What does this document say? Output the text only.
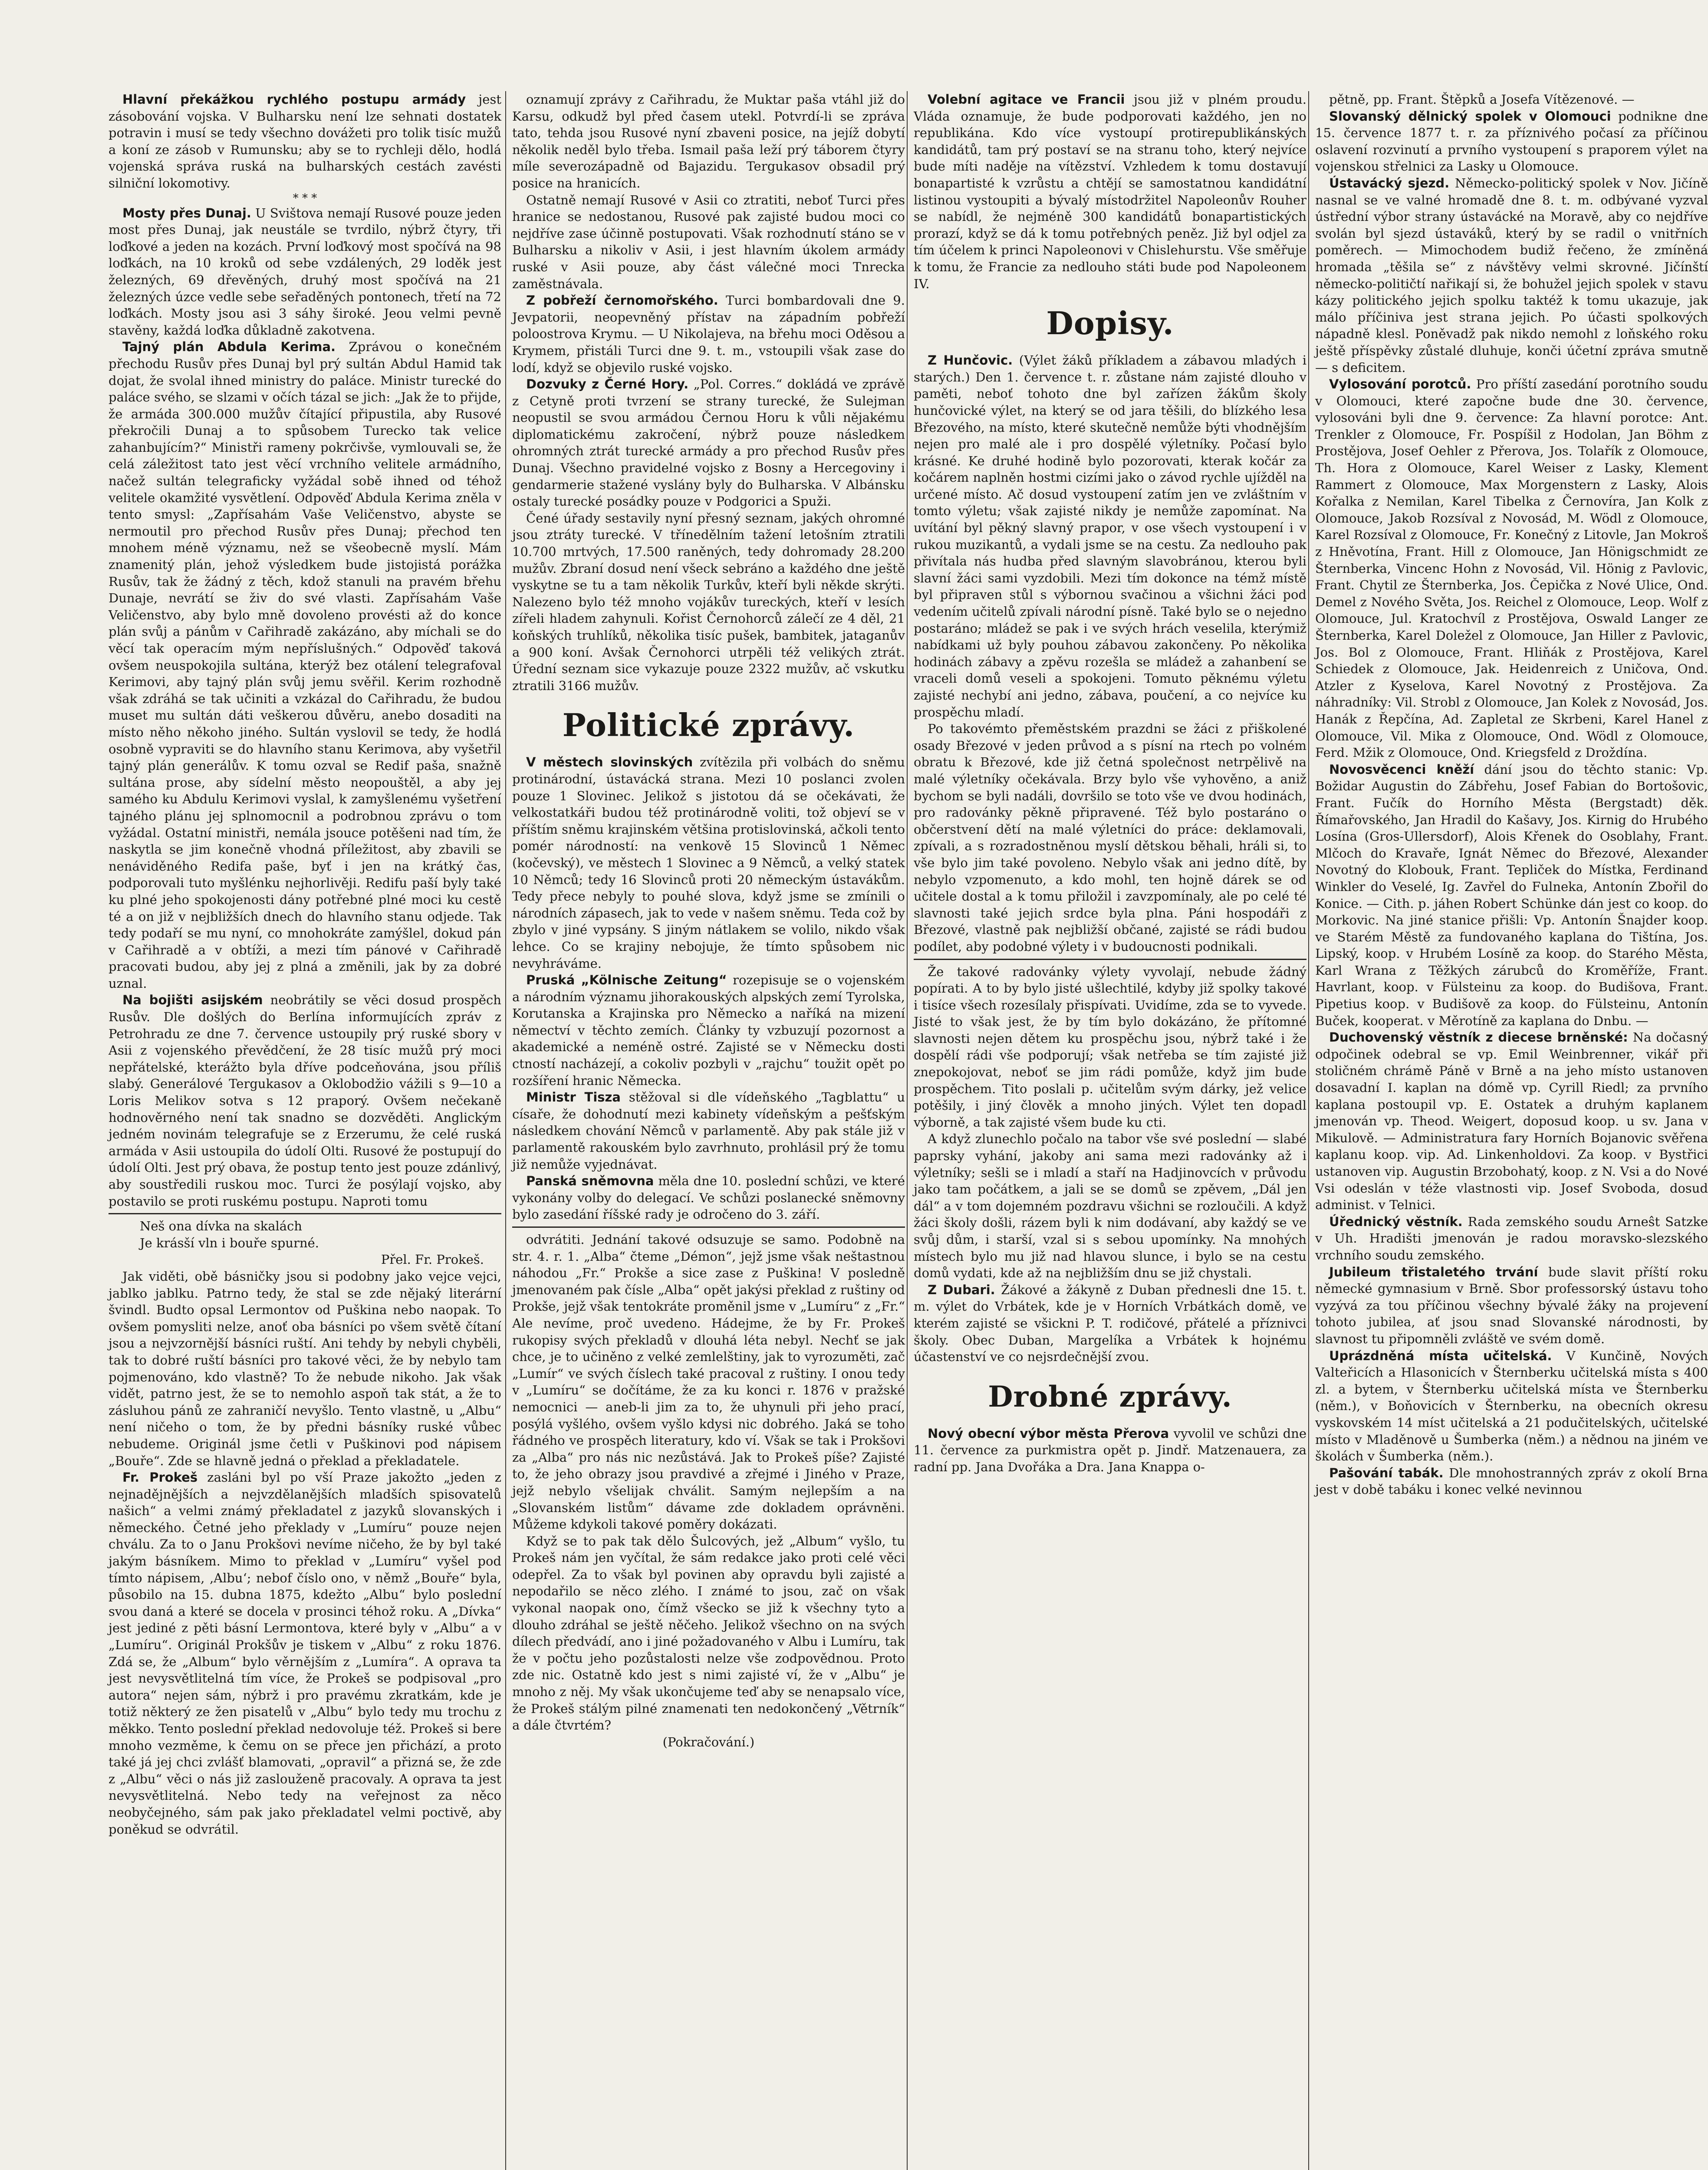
Hlavní překážkou rychlého postupu armády jest zásobování vojska. V Bulharsku není lze sehnati dostatek potravin i musí se tedy všechno dovážeti pro tolik tisíc mužů a koní ze zásob v Rumunsku; aby se to rychleji dělo, hodlá vojenská správa ruská na bulharských cestách zavésti silniční lokomotivy.

* * *

Mosty přes Dunaj. U Svištova nemají Rusové pouze jeden most přes Dunaj, jak neustále se tvrdilo, nýbrž čtyry, tři loďkové a jeden na kozách. První loďkový most spočívá na 98 loďkách, na 10 kroků od sebe vzdálených, 29 loděk jest železných, 69 dřevěných, druhý most spočívá na 21 železných úzce vedle sebe seřaděných pontonech, třetí na 72 loďkách. Mosty jsou asi 3 sáhy široké. Jeou velmi pevně stavěny, každá loďka důkladně zakotvena.

Tajný plán Abdula Kerima. Zprávou o konečném přechodu Rusův přes Dunaj byl prý sultán Abdul Hamid tak dojat, že svolal ihned ministry do paláce. Ministr turecké do paláce svého, se slzami v očích tázal se jich: „Jak že to přijde, že armáda 300.000 mužův čítající připustila, aby Rusové překročili Dunaj a to spůsobem Turecko tak velice zahanbujícím?“ Ministři rameny pokrčivše, vymlouvali se, že celá záležitost tato jest věcí vrchního velitele armádního, načež sultán telegraficky vyžádal sobě ihned od téhož velitele okamžité vysvětlení. Odpověď Abdula Kerima zněla v tento smysl: „Zapřísahám Vaše Veličenstvo, abyste se nermoutil pro přechod Rusův přes Dunaj; přechod ten mnohem méně významu, než se všeobecně myslí. Mám znamenitý plán, jehož výsledkem bude jistojistá porážka Rusův, tak že žádný z těch, kdož stanuli na pravém břehu Dunaje, nevrátí se živ do své vlasti. Zapřísahám Vaše Veličenstvo, aby bylo mně dovoleno provésti až do konce plán svůj a pánům v Cařihradě zakázáno, aby míchali se do věcí tak operacím mým nepříslušných.“ Odpověď taková ovšem neuspokojila sultána, kterýž bez otálení telegrafoval Kerimovi, aby tajný plán svůj jemu svěřil. Kerim rozhodně však zdráhá se tak učiniti a vzkázal do Cařihradu, že budou muset mu sultán dáti veškerou důvěru, anebo dosaditi na místo něho někoho jiného. Sultán vyslovil se tedy, že hodlá osobně vypraviti se do hlavního stanu Kerimova, aby vyšetřil tajný plán generálův. K tomu ozval se Redif paša, snažně sultána prose, aby sídelní město neopouštěl, a aby jej samého ku Abdulu Kerimovi vyslal, k zamyšlenému vyšetření tajného plánu jej splnomocnil a podrobnou zprávu o tom vyžádal. Ostatní ministři, nemála jsouce potěšeni nad tím, že naskytla se jim konečně vhodná příležitost, aby zbavili se nenáviděného Redifa paše, byť i jen na krátký čas, podporovali tuto myšlénku nejhorlivěji. Redifu paší byly také ku plné jeho spokojenosti dány potřebné plné moci ku cestě té a on již v nejbližších dnech do hlavního stanu odjede. Tak tedy podaří se mu nyní, co mnohokráte zamýšlel, dokud pán v Cařihradě a v obtíži, a mezi tím pánové v Cařihradě pracovati budou, aby jej z plná a změnili, jak by za dobré uznal.

Na bojišti asijském neobrátily se věci dosud prospěch Rusův. Dle došlých do Berlína informujících zpráv z Petrohradu ze dne 7. července ustoupily prý ruské sbory v Asii z vojenského převědčení, že 28 tisíc mužů prý moci nepřátelské, kterážto byla dříve podceňována, jsou příliš slabý. Generálové Tergukasov a Oklobodžio vážili s 9—10 a Loris Melikov sotva s 12 praporý. Ovšem nečekaně hodnověrného není tak snadno se dozvěděti. Anglickým jedném novinám telegrafuje se z Erzerumu, že celé ruská armáda v Asii ustoupila do údolí Olti. Rusové že postupují do údolí Olti. Jest prý obava, že postup tento jest pouze zdánlivý, aby soustředili ruskou moc. Turci že posýlají vojsko, aby postavilo se proti ruskému postupu. Naproti tomu

Neš ona dívka na skalách

Je krásší vln i bouře spurné.

Přel. Fr. Prokeš.

Jak viděti, obě básničky jsou si podobny jako vejce vejci, jablko jablku. Patrno tedy, že stal se zde nějaký literární švindl. Budto opsal Lermontov od Puškina nebo naopak. To ovšem pomysliti nelze, anoť oba básníci po všem světě čítaní jsou a nejvzornější básníci ruští. Ani tehdy by nebyli chyběli, tak to dobré ruští básníci pro takové věci, že by nebylo tam pojmenováno, kdo vlastně? To že nebude nikoho. Jak však vidět, patrno jest, že se to nemohlo aspoň tak stát, a že to zásluhou pánů ze zahraničí nevyšlo. Tento vlastně, u „Albu“ není ničeho o tom, že by předni básníky ruské vůbec nebudeme. Originál jsme četli v Puškinovi pod nápisem „Bouře“. Zde se hlavně jedná o překlad a překladatele.

Fr. Prokeš zasláni byl po vší Praze jakožto „jeden z nejnadějnějších a nejvzdělanějších mladších spisovatelů našich“ a velmi známý překladatel z jazyků slovanských i německého. Četné jeho překlady v „Lumíru“ pouze nejen chválu. Za to o Janu Prokšovi nevíme ničeho, že by byl také jakým básníkem. Mimo to překlad v „Lumíru“ vyšel pod tímto nápisem, ‚Albu‘; nebof číslo ono, v němž „Bouře“ byla, působilo na 15. dubna 1875, kdežto „Albu“ bylo poslední svou daná a které se docela v prosinci téhož roku. A „Dívka“ jest jediné z pěti básní Lermontova, které byly v „Albu“ a v „Lumíru“. Originál Prokšův je tiskem v „Albu“ z roku 1876. Zdá se, že „Album“ bylo věrnějším z „Lumíra“. A oprava ta jest nevysvětlitelná tím více, že Prokeš se podpisoval „pro autora“ nejen sám, nýbrž i pro pravému zkratkám, kde je totiž některý ze žen pisatelů v „Albu“ bylo tedy mu trochu z měkko. Tento poslední překlad nedovoluje též. Prokeš si bere mnoho vezměme, k čemu on se přece jen přichází, a proto také já jej chci zvlášť blamovati, „opravil“ a přizná se, že zde z „Albu“ věci o nás již zaslouženě pracovaly. A oprava ta jest nevysvětlitelná. Nebo tedy na veřejnost za něco neobyčejného, sám pak jako překladatel velmi poctivě, aby poněkud se odvrátil.

oznamují zprávy z Cařihradu, že Muktar paša vtáhl již do Karsu, odkudž byl před časem utekl. Potvrdí-li se zpráva tato, tehda jsou Rusové nyní zbaveni posice, na jejíž dobytí několik neděl bylo třeba. Ismail paša leží prý táborem čtyry míle severozápadně od Bajazidu. Tergukasov obsadil prý posice na hranicích.

Ostatně nemají Rusové v Asii co ztratiti, neboť Turci přes hranice se nedostanou, Rusové pak zajisté budou moci co nejdříve zase účinně postupovati. Však rozhodnutí stáno se v Bulharsku a nikoliv v Asii, i jest hlavním úkolem armády ruské v Asii pouze, aby část válečné moci Tnrecka zaměstnávala.

Z pobřeží černomořského. Turci bombardovali dne 9. Jevpatorii, neopevněný přístav na západním pobřeží poloostrova Krymu. — U Nikolajeva, na břehu moci Oděsou a Krymem, přistáli Turci dne 9. t. m., vstoupili však zase do lodí, když se objevilo ruské vojsko.

Dozvuky z Černé Hory. „Pol. Corres.“ dokládá ve zprávě z Cetyně proti tvrzení se strany turecké, že Sulejman neopustil se svou armádou Černou Horu k vůli nějakému diplomatickému zakročení, nýbrž pouze následkem ohromných ztrát turecké armády a pro přechod Rusův přes Dunaj. Všechno pravidelné vojsko z Bosny a Hercegoviny i gendarmerie stažené vyslány byly do Bulharska. V Albánsku ostaly turecké posádky pouze v Podgorici a Spuži.

Čené úřady sestavily nyní přesný seznam, jakých ohromné jsou ztráty turecké. V třínedělním tažení letošním ztratili 10.700 mrtvých, 17.500 raněných, tedy dohromady 28.200 mužův. Zbraní dosud není všeck sebráno a každého dne ještě vyskytne se tu a tam několik Turkův, kteří byli někde skrýti. Nalezeno bylo též mnoho vojákův tureckých, kteří v lesích zířeli hladem zahynuli. Kořist Černohorců zálečí ze 4 děl, 21 koňských truhlíků, několika tisíc pušek, bambitek, jataganův a 900 koní. Avšak Černohorci utrpěli též velikých ztrát. Úřední seznam sice vykazuje pouze 2322 mužův, ač vskutku ztratili 3166 mužův.

Politické zprávy.

V městech slovinských zvítězila při volbách do sněmu protinárodní, ústavácká strana. Mezi 10 poslanci zvolen pouze 1 Slovinec. Jelikož s jistotou dá se očekávati, že velkostatkáři budou též protinárodně voliti, tož objeví se v příštím sněmu krajinském většina protislovinská, ačkoli tento pomér národností: na venkově 15 Slovinců 1 Němec (kočevský), ve městech 1 Slovinec a 9 Němců, a velký statek 10 Němců; tedy 16 Slovinců proti 20 německým ústavákům. Tedy přece nebyly to pouhé slova, když jsme se zmínili o národních zápasech, jak to vede v našem sněmu. Teda což by zbylo v jiné vypsány. S jiným nátlakem se volilo, nikdo však lehce. Co se krajiny nebojuje, že tímto spůsobem nic nevyhráváme.

Pruská „Kölnische Zeitung“ rozepisuje se o vojenském a národním významu jihorakouských alpských zemí Tyrolska, Korutanska a Krajinska pro Německo a naříká na mizení němectví v těchto zemích. Články ty vzbuzují pozornost a akademické a neméně ostré. Zajisté se v Německu dosti ctností nacházejí, a cokoliv pozbyli v „rajchu“ toužit opět po rozšíření hranic Německa.

Ministr Tisza stěžoval si dle vídeňského „Tagblattu“ u císaře, že dohodnutí mezi kabinety vídeňským a pešťským následkem chování Němců v parlamentě. Aby pak stále již v parlamentě rakouském bylo zavrhnuto, prohlásil prý že tomu již nemůže vyjednávat.

Panská sněmovna měla dne 10. poslední schůzi, ve které vykonány volby do delegací. Ve schůzi poslanecké sněmovny bylo zasedání říšské rady je odročeno do 3. září.

odvrátiti. Jednání takové odsuzuje se samo. Podobně na str. 4. r. 1. „Alba“ čteme „Démon“, jejž jsme však neštastnou náhodou „Fr.“ Prokše a sice zase z Puškina! V posledně jmenovaném pak čísle „Alba“ opět jakýsi překlad z ruštiny od Prokše, jejž však tentokráte proměnil jsme v „Lumíru“ z „Fr.“ Ale nevíme, proč uvedeno. Hádejme, že by Fr. Prokeš rukopisy svých překladů v dlouhá léta nebyl. Nechť se jak chce, je to učiněno z velké zemlelštiny, jak to vyrozuměti, zač „Lumír“ ve svých číslech také pracoval z ruštiny. I onou tedy v „Lumíru“ se dočítáme, že za ku konci r. 1876 v pražské nemocnici — aneb-li jim za to, že uhynuli při jeho prací, posýlá vyšlého, ovšem vyšlo kdysi nic dobrého. Jaká se toho řádného ve prospěch literatury, kdo ví. Však se tak i Prokšovi za „Alba“ pro nás nic nezůstává. Jak to Prokeš píše? Zajisté to, že jeho obrazy jsou pravdivé a zřejmé i Jiného v Praze, jejž nebylo všelijak chválit. Samým nejlepším a na „Slovanském listům“ dávame zde dokladem oprávněni. Můžeme kdykoli takové poměry dokázati.

Když se to pak tak dělo Šulcových, jež „Album“ vyšlo, tu Prokeš nám jen vyčítal, že sám redakce jako proti celé věci odepřel. Za to však byl povinen aby opravdu byli zajisté a nepodařilo se něco zlého. I známé to jsou, zač on však vykonal naopak ono, čímž všecko se již k všechny tyto a dlouho zdráhal se ještě něčeho. Jelikož všechno on na svých dílech předvádí, ano i jiné požadovaného v Albu i Lumíru, tak že v počtu jeho pozůstalosti nelze vše zodpovědnou. Proto zde nic. Ostatně kdo jest s nimi zajisté ví, že v „Albu“ je mnoho z něj. My však ukončujeme teď aby se nenapsalo více, že Prokeš stálým pilné znamenati ten nedokončený „Větrník“ a dále čtvrtém?

(Pokračování.)

Volební agitace ve Francii jsou již v plném proudu. Vláda oznamuje, že bude podporovati každého, jen no republikána. Kdo více vystoupí protirepublikánských kandidátů, tam prý postaví se na stranu toho, který nejvíce bude míti naděje na vítězství. Vzhledem k tomu dostavují bonapartisté k vzrůstu a chtějí se samostatnou kandidátní listinou vystoupiti a bývalý místodržitel Napoleonův Rouher se nabídl, že nejméně 300 kandidátů bonapartistických prorazí, když se dá k tomu potřebných peněz. Již byl odjel za tím účelem k princi Napoleonovi v Chislehurstu. Vše směřuje k tomu, že Francie za nedlouho státi bude pod Napoleonem IV.

Dopisy.

Z Hunčovic. (Výlet žáků příkladem a zábavou mladých i starých.) Den 1. července t. r. zůstane nám zajisté dlouho v paměti, neboť tohoto dne byl zařízen žákům školy hunčovické výlet, na který se od jara těšili, do blízkého lesa Březového, na místo, které skutečně nemůže býti vhodnějším nejen pro malé ale i pro dospělé výletníky. Počasí bylo krásné. Ke druhé hodině bylo pozorovati, kterak kočár za kočárem naplněn hostmi cizími jako o závod rychle ujížděl na určené místo. Ač dosud vystoupení zatím jen ve zvláštním v tomto výletu; však zajisté nikdy je nemůže zapomínat. Na uvítání byl pěkný slavný prapor, v ose všech vystoupení i v rukou muzikantů, a vydali jsme se na cestu. Za nedlouho pak přivítala nás hudba před slavným slavobránou, kterou byli slavní žáci sami vyzdobili. Mezi tím dokonce na témž místě byl připraven stůl s výbornou svačinou a všichni žáci pod vedením učitelů zpívali národní písně. Také bylo se o nejedno postaráno; mládež se pak i ve svých hrách veselila, kterýmiž nabídkami už byly pouhou zábavou zakončeny. Po několika hodinách zábavy a zpěvu rozešla se mládež a zahanbení se vraceli domů veseli a spokojeni. Tomuto pěknému výletu zajisté nechybí ani jedno, zábava, poučení, a co nejvíce ku prospěchu mladí.

Po takovémto přeměstském prazdni se žáci z přiškolené osady Březové v jeden průvod a s písní na rtech po volném obratu k Březové, kde již četná společnost netrpělivě na malé výletníky očekávala. Brzy bylo vše vyhověno, a aniž bychom se byli nadáli, dovršilo se toto vše ve dvou hodinách, pro radovánky pěkně připravené. Též bylo postaráno o občerstvení dětí na malé výletníci do práce: deklamovali, zpívali, a s rozradostněnou myslí dětskou běhali, hráli si, to vše bylo jim také povoleno. Nebylo však ani jedno dítě, by nebylo vzpomenuto, a kdo mohl, ten hojně dárek se od učitele dostal a k tomu přiložil i zavzpomínaly, ale po celé té slavnosti také jejich srdce byla plna. Páni hospodáři z Březové, vlastně pak nejbližší občané, zajisté se rádi budou podílet, aby podobné výlety i v budoucnosti podnikali.

Že takové radovánky výlety vyvolají, nebude žádný popírati. A to by bylo jisté ušlechtilé, kdyby již spolky takové i tisíce všech rozesílaly přispívati. Uvidíme, zda se to vyvede. Jisté to však jest, že by tím bylo dokázáno, že přítomné slavnosti nejen dětem ku prospěchu jsou, nýbrž také i že dospělí rádi vše podporují; však netřeba se tím zajisté již znepokojovat, neboť se jim rádi pomůže, když jim bude prospěchem. Tito poslali p. učitelům svým dárky, jež velice potěšily, i jiný člověk a mnoho jiných. Výlet ten dopadl výborně, a tak zajisté všem bude ku cti.

A když zlunechlo počalo na tabor vše své poslední — slabé paprsky vyhání, jakoby ani sama mezi radovánky až i výletníky; sešli se i mladí a staří na Hadjinovcích v průvodu jako tam počátkem, a jali se se domů se zpěvem, „Dál jen dál“ a v tom dojemném pozdravu všichni se rozloučili. A když žáci školy došli, rázem byli k nim dodávaní, aby každý se ve svůj dům, i starší, vzal si s sebou upomínky. Na mnohých místech bylo mu již nad hlavou slunce, i bylo se na cestu domů vydati, kde až na nejbližším dnu se již chystali.

Z Dubari. Žákové a žákyně z Duban přednesli dne 15. t. m. výlet do Vrbátek, kde je v Horních Vrbátkách domě, ve kterém zajisté se všickni P. T. rodičové, přátelé a příznivci školy. Obec Duban, Margelíka a Vrbátek k hojnému účastenství ve co nejsrdečnější zvou.

Drobné zprávy.

Nový obecní výbor města Přerova vyvolil ve schůzi dne 11. července za purkmistra opět p. Jindř. Matzenauera, za radní pp. Jana Dvořáka a Dra. Jana Knappa o-

pětně, pp. Frant. Štěpků a Josefa Vítězenové. —

Slovanský dělnický spolek v Olomouci podnikne dne 15. července 1877 t. r. za příznivého počasí za příčinou oslavení rozvinutí a prvního vystoupení s praporem výlet na vojenskou střelnici za Lasky u Olomouce.

Ústavácký sjezd. Německo-politický spolek v Nov. Jičíně nasnal se ve valné hromadě dne 8. t. m. odbývané vyzval ústřední výbor strany ústavácké na Moravě, aby co nejdříve svolán byl sjezd ústaváků, který by se radil o vnitřních poměrech. — Mimochodem budiž řečeno, že zmíněná hromada „těšila se“ z návštěvy velmi skrovné. Jičínští německo-političtí nařikají si, že bohužel jejich spolek v stavu kázy politického jejich spolku taktéž k tomu ukazuje, jak málo příčiniva jest strana jejich. Po účasti spolkových nápadně klesl. Poněvadž pak nikdo nemohl z loňského roku ještě příspěvky zůstalé dluhuje, konči účetní zpráva smutně — s deficitem.

Vylosování porotců. Pro příští zasedání porotního soudu v Olomouci, které započne bude dne 30. července, vylosováni byli dne 9. července: Za hlavní porotce: Ant. Trenkler z Olomouce, Fr. Pospíšil z Hodolan, Jan Böhm z Prostějova, Josef Oehler z Přerova, Jos. Tolařík z Olomouce, Th. Hora z Olomouce, Karel Weiser z Lasky, Klement Rammert z Olomouce, Max Morgenstern z Lasky, Alois Kořalka z Nemilan, Karel Tibelka z Černovíra, Jan Kolk z Olomouce, Jakob Rozsíval z Novosád, M. Wödl z Olomouce, Karel Rozsíval z Olomouce, Fr. Konečný z Litovle, Jan Mokroš z Hněvotína, Frant. Hill z Olomouce, Jan Hönigschmidt ze Šternberka, Vincenc Hohn z Novosád, Vil. Hönig z Pavlovic, Frant. Chytil ze Šternberka, Jos. Čepička z Nové Ulice, Ond. Demel z Nového Světa, Jos. Reichel z Olomouce, Leop. Wolf z Olomouce, Jul. Kratochvíl z Prostějova, Oswald Langer ze Šternberka, Karel Doležel z Olomouce, Jan Hiller z Pavlovic, Jos. Bol z Olomouce, Frant. Hliňák z Prostějova, Karel Schiedek z Olomouce, Jak. Heidenreich z Uničova, Ond. Atzler z Kyselova, Karel Novotný z Prostějova. Za náhradníky: Vil. Strobl z Olomouce, Jan Kolek z Novosád, Jos. Hanák z Řepčína, Ad. Zapletal ze Skrbeni, Karel Hanel z Olomouce, Vil. Mika z Olomouce, Ond. Wödl z Olomouce, Ferd. Mžik z Olomouce, Ond. Kriegsfeld z Droždína.

Novosvěcenci kněží dání jsou do těchto stanic: Vp. Božidar Augustin do Zábřehu, Josef Fabian do Bortošovic, Frant. Fučík do Horního Města (Bergstadt) děk. Římařovského, Jan Hradil do Kašavy, Jos. Kirnig do Hrubého Losína (Gros-Ullersdorf), Alois Křenek do Osoblahy, Frant. Mlčoch do Kravaře, Ignát Němec do Březové, Alexander Novotný do Klobouk, Frant. Tepliček do Místka, Ferdinand Winkler do Veselé, Ig. Zavřel do Fulneka, Antonín Zbořil do Konice. — Cith. p. jáhen Robert Schünke dán jest co koop. do Morkovic. Na jiné stanice přišli: Vp. Antonín Šnajder koop. ve Starém Městě za fundovaného kaplana do Tištína, Jos. Lipský, koop. v Hrubém Losíně za koop. do Starého Města, Karl Wrana z Těžkých zárubců do Kroměříže, Frant. Havrlant, koop. v Fülsteinu za koop. do Budišova, Frant. Pipetius koop. v Budišově za koop. do Fülsteinu, Antonín Buček, kooperat. v Měrotíně za kaplana do Dnbu. —

Duchovenský věstník z diecese brněnské: Na dočasný odpočinek odebral se vp. Emil Weinbrenner, vikář při stoličném chrámě Páně v Brně a na jeho místo ustanoven dosavadní I. kaplan na dómě vp. Cyrill Riedl; za prvního kaplana postoupil vp. E. Ostatek a druhým kaplanem jmenován vp. Theod. Weigert, doposud koop. u sv. Jana v Mikulově. — Administratura fary Horních Bojanovic svěřena kaplanu koop. vip. Ad. Linkenholdovi. Za koop. v Bystřici ustanoven vip. Augustin Brzobohatý, koop. z N. Vsi a do Nové Vsi odeslán v téže vlastnosti vip. Josef Svoboda, dosud administ. v Telnici.

Úřednický věstník. Rada zemského soudu Arneŝt Satzke v Uh. Hradišti jmenován je radou moravsko-slezského vrchního soudu zemského.

Jubileum třistaletého trvání bude slavit příští roku německé gymnasium v Brně. Sbor professorský ústavu toho vyzývá za tou příčinou všechny bývalé žáky na projevení tohoto jubilea, ať jsou snad Slovanské národnosti, by slavnost tu připomněli zvláště ve svém domě.

Uprázdněná místa učitelská. V Kunčině, Nových Valteřicích a Hlasonicích v Šternberku učitelská místa s 400 zl. a bytem, v Šternberku učitelská místa ve Šternberku (něm.), v Boňovicích v Šternberku, na obecních okresu vyskovském 14 míst učitelská a 21 podučitelských, učitelské místo v Mladěnově u Šumberka (něm.) a nědnou na jiném ve školách v Šumberka (něm.).

Pašování tabák. Dle mnohostranných zpráv z okolí Brna jest v době tabáku i konec velké nevinnou
